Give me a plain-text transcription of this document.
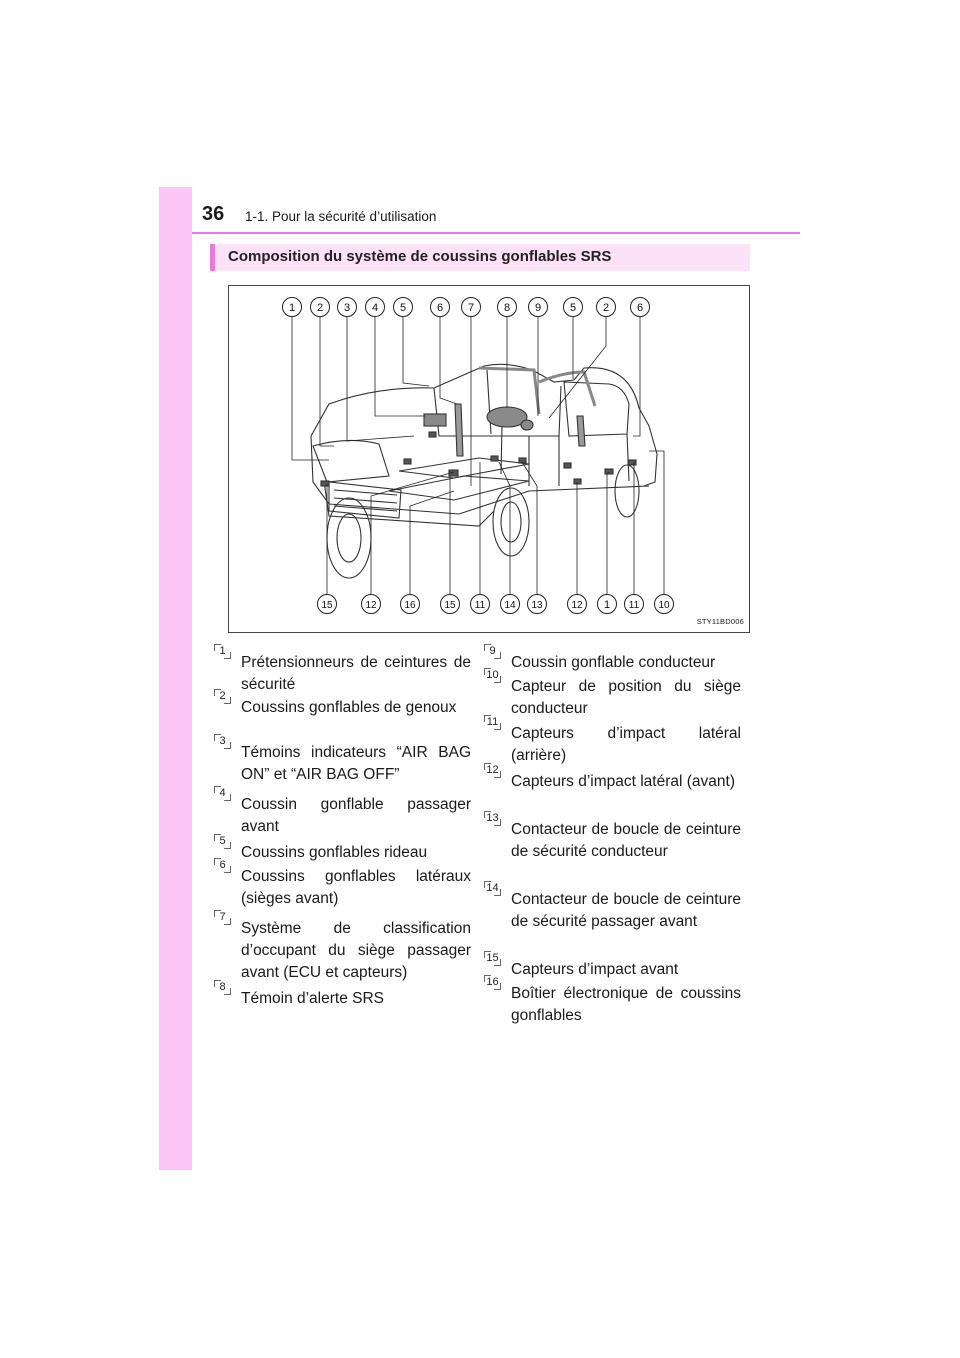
36 1-1. Pour la sécurité d’utilisation
Composition du système de coussins gonflables SRS
1 2 3 4 5	6 7	8 9	5 2	6
15	12	16	15 11 14 13	12 1 11 10
STY11BD006
1
Prétensionneurs de ceintures de sécurité
2
Coussins gonflables de genoux
3
Témoins indicateurs “AIR BAG ON” et “AIR BAG OFF”
4
Coussin gonflable passager avant
5
Coussins gonflables rideau
6
Coussins gonflables latéraux (sièges avant)
7
Système de classification d’occupant du siège passager avant (ECU et capteurs)
8
Témoin d’alerte SRS
9
Coussin gonflable conducteur
10
Capteur de position du siège conducteur
11
Capteurs d’impact latéral (arrière)
12
Capteurs d’impact latéral (avant)
13
Contacteur de boucle de ceinture de sécurité conducteur
14
Contacteur de boucle de ceinture de sécurité passager avant
15
Capteurs d’impact avant
16
Boîtier électronique de coussins gonflables
